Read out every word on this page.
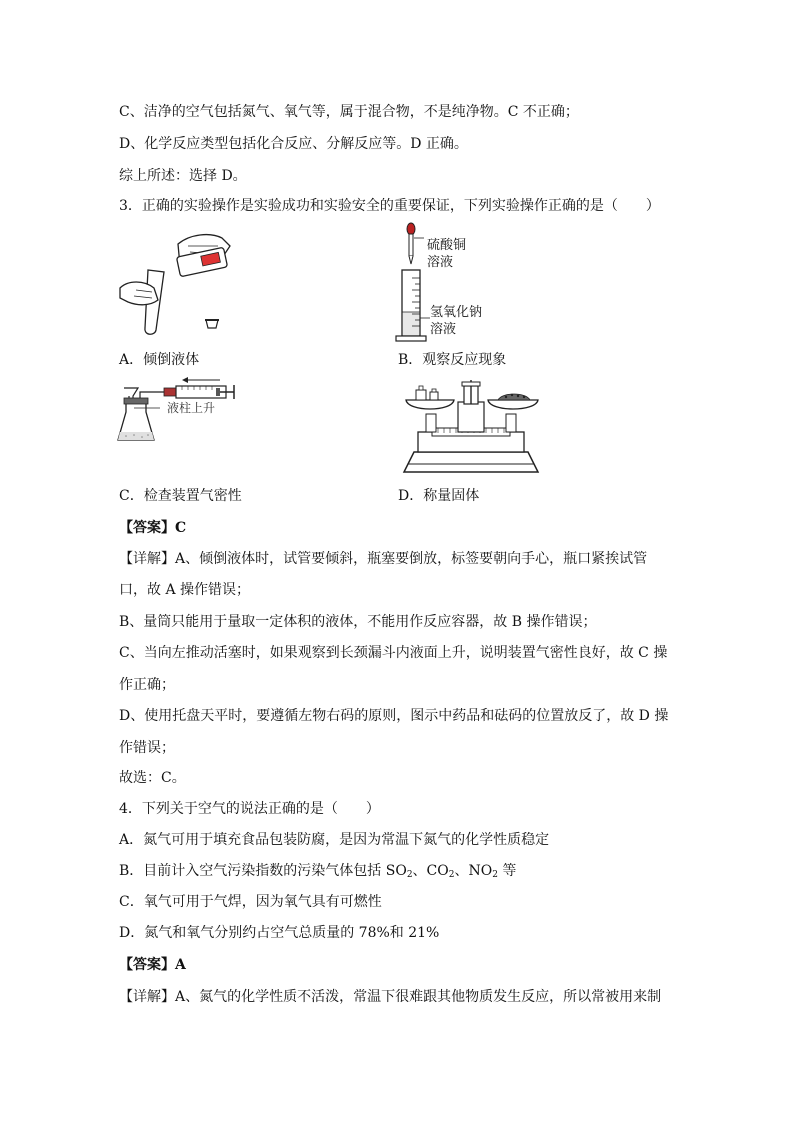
C、洁净的空气包括氮气、氧气等，属于混合物，不是纯净物。C 不正确；
D、化学反应类型包括化合反应、分解反应等。D 正确。
综上所述：选择 D。
3．正确的实验操作是实验成功和实验安全的重要保证，下列实验操作正确的是（　　）
A．倾倒液体
硫酸铜
溶液
氢氧化钠
溶液
B．观察反应现象
液柱上升
C．检查装置气密性	D．称量固体
【答案】C
【详解】A、倾倒液体时，试管要倾斜，瓶塞要倒放，标签要朝向手心，瓶口紧挨试管
口，故 A 操作错误；
B、量筒只能用于量取一定体积的液体，不能用作反应容器，故 B 操作错误；
C、当向左推动活塞时，如果观察到长颈漏斗内液面上升，说明装置气密性良好，故 C 操
作正确；
D、使用托盘天平时，要遵循左物右码的原则，图示中药品和砝码的位置放反了，故 D 操
作错误；
故选：C。
4．下列关于空气的说法正确的是（　　）
A．氮气可用于填充食品包装防腐，是因为常温下氮气的化学性质稳定
B．目前计入空气污染指数的污染气体包括 $SO_2$、$CO_2$、$NO_2$ 等
C．氧气可用于气焊，因为氧气具有可燃性
D．氮气和氧气分别约占空气总质量的 78%和 21%
【答案】A
【详解】A、氮气的化学性质不活泼，常温下很难跟其他物质发生反应，所以常被用来制
